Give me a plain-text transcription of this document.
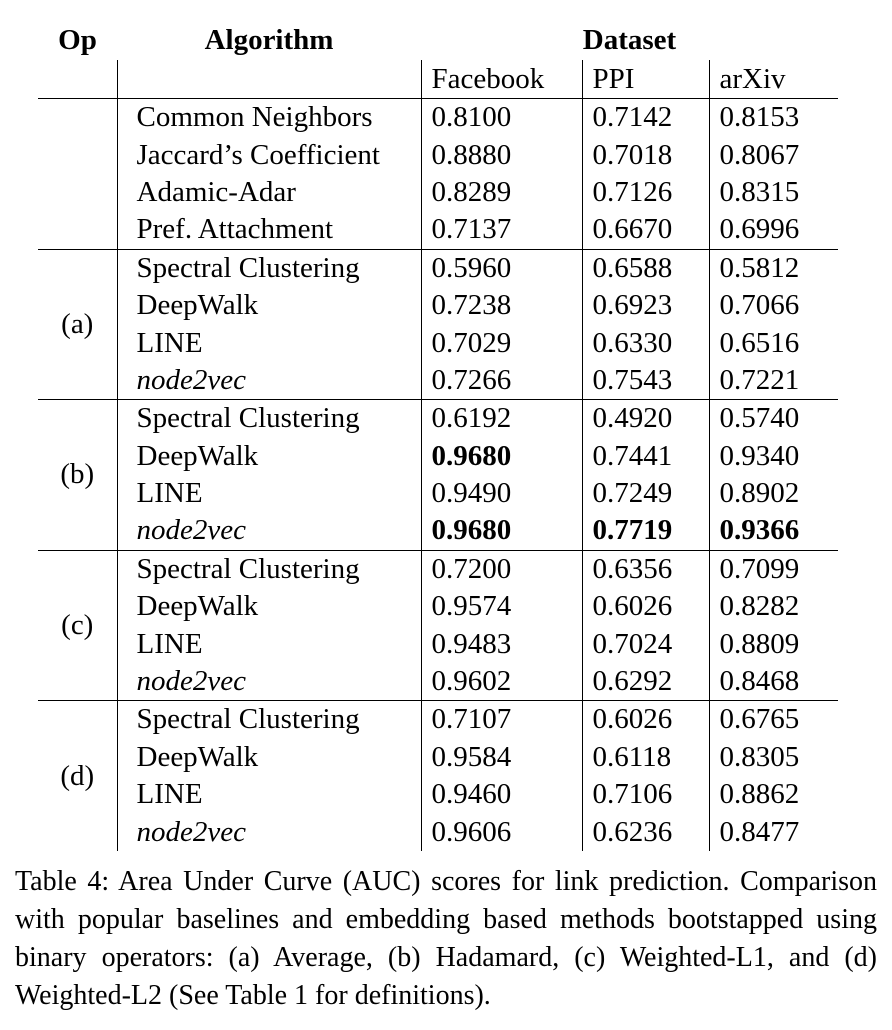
Op	Algorithm	Dataset		
		Facebook	PPI	arXiv
	Common Neighbors	0.8100	0.7142	0.8153
	Jaccard’s Coefficient	0.8880	0.7018	0.8067
	Adamic-Adar	0.8289	0.7126	0.8315
	Pref. Attachment	0.7137	0.6670	0.6996
(a)	Spectral Clustering	0.5960	0.6588	0.5812
	DeepWalk	0.7238	0.6923	0.7066
	LINE	0.7029	0.6330	0.6516
	node2vec	0.7266	0.7543	0.7221
(b)	Spectral Clustering	0.6192	0.4920	0.5740
	DeepWalk	0.9680	0.7441	0.9340
	LINE	0.9490	0.7249	0.8902
	node2vec	0.9680	0.7719	0.9366
(c)	Spectral Clustering	0.7200	0.6356	0.7099
	DeepWalk	0.9574	0.6026	0.8282
	LINE	0.9483	0.7024	0.8809
	node2vec	0.9602	0.6292	0.8468
(d)	Spectral Clustering	0.7107	0.6026	0.6765
	DeepWalk	0.9584	0.6118	0.8305
	LINE	0.9460	0.7106	0.8862
	node2vec	0.9606	0.6236	0.8477
Table 4: Area Under Curve (AUC) scores for link prediction. Comparison with popular baselines and embedding based methods bootstapped using binary operators: (a) Average, (b) Hadamard, (c) Weighted-L1, and (d) Weighted-L2 (See Table 1 for definitions).
